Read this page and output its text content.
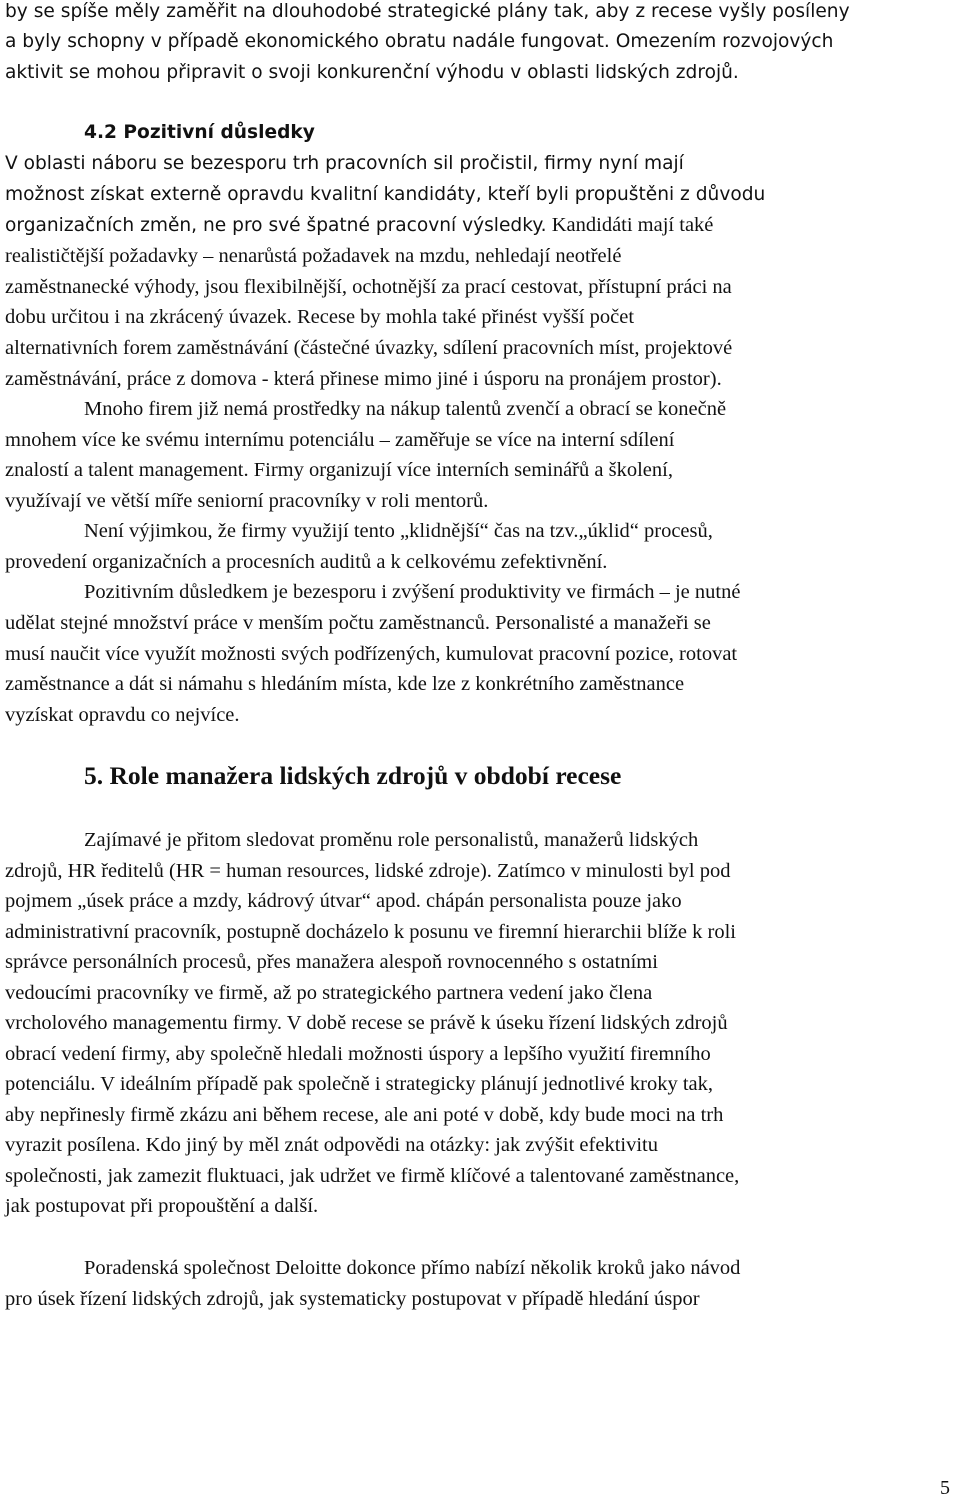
by se spíše měly zaměřit na dlouhodobé strategické plány tak, aby z recese vyšly posíleny
a byly schopny v případě ekonomického obratu nadále fungovat. Omezením rozvojových
aktivit se mohou připravit o svoji konkurenční výhodu v oblasti lidských zdrojů.
4.2 Pozitivní důsledky
V oblasti náboru se bezesporu trh pracovních sil pročistil, firmy nyní mají
možnost získat externě opravdu kvalitní kandidáty, kteří byli propuštěni z důvodu
organizačních změn, ne pro své špatné pracovní výsledky. Kandidáti mají také
realističtější požadavky – nenarůstá požadavek na mzdu, nehledají neotřelé
zaměstnanecké výhody, jsou flexibilnější, ochotnější za prací cestovat, přístupní práci na
dobu určitou i na zkrácený úvazek. Recese by mohla také přinést vyšší počet
alternativních forem zaměstnávání (částečné úvazky, sdílení pracovních míst, projektové
zaměstnávání, práce z domova - která přinese mimo jiné i úsporu na pronájem prostor).
Mnoho firem již nemá prostředky na nákup talentů zvenčí a obrací se konečně
mnohem více ke svému internímu potenciálu – zaměřuje se více na interní sdílení
znalostí a talent management. Firmy organizují více interních seminářů a školení,
využívají ve větší míře seniorní pracovníky v roli mentorů.
Není výjimkou, že firmy využijí tento „klidnější“ čas na tzv.„úklid“ procesů,
provedení organizačních a procesních auditů a k celkovému zefektivnění.
Pozitivním důsledkem je bezesporu i zvýšení produktivity ve firmách – je nutné
udělat stejné množství práce v menším počtu zaměstnanců. Personalisté a manažeři se
musí naučit více využít možnosti svých podřízených, kumulovat pracovní pozice, rotovat
zaměstnance a dát si námahu s hledáním místa, kde lze z konkrétního zaměstnance
vyzískat opravdu co nejvíce.
5. Role manažera lidských zdrojů v období recese
Zajímavé je přitom sledovat proměnu role personalistů, manažerů lidských
zdrojů, HR ředitelů (HR = human resources, lidské zdroje). Zatímco v minulosti byl pod
pojmem „úsek práce a mzdy, kádrový útvar“ apod. chápán personalista pouze jako
administrativní pracovník, postupně docházelo k posunu ve firemní hierarchii blíže k roli
správce personálních procesů, přes manažera alespoň rovnocenného s ostatními
vedoucími pracovníky ve firmě, až po strategického partnera vedení jako člena
vrcholového managementu firmy. V době recese se právě k úseku řízení lidských zdrojů
obrací vedení firmy, aby společně hledali možnosti úspory a lepšího využití firemního
potenciálu. V ideálním případě pak společně i strategicky plánují jednotlivé kroky tak,
aby nepřinesly firmě zkázu ani během recese, ale ani poté v době, kdy bude moci na trh
vyrazit posílena. Kdo jiný by měl znát odpovědi na otázky: jak zvýšit efektivitu
společnosti, jak zamezit fluktuaci, jak udržet ve firmě klíčové a talentované zaměstnance,
jak postupovat při propouštění a další.
Poradenská společnost Deloitte dokonce přímo nabízí několik kroků jako návod
pro úsek řízení lidských zdrojů, jak systematicky postupovat v případě hledání úspor
5
